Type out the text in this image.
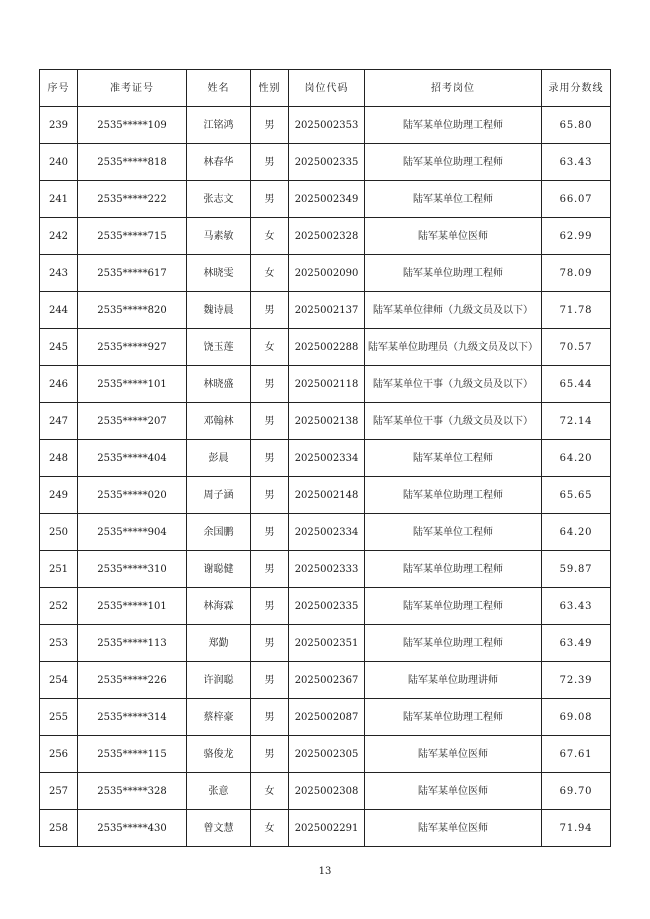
序号	准考证号	姓名	性别	岗位代码	招考岗位	录用分数线
239	2535*****109	江铭鸿	男	2025002353	陆军某单位助理工程师	65.80
240	2535*****818	林春华	男	2025002335	陆军某单位助理工程师	63.43
241	2535*****222	张志文	男	2025002349	陆军某单位工程师	66.07
242	2535*****715	马素敏	女	2025002328	陆军某单位医师	62.99
243	2535*****617	林晓雯	女	2025002090	陆军某单位助理工程师	78.09
244	2535*****820	魏诗晨	男	2025002137	陆军某单位律师（九级文员及以下）	71.78
245	2535*****927	饶玉莲	女	2025002288	陆军某单位助理员（九级文员及以下）	70.57
246	2535*****101	林晓盛	男	2025002118	陆军某单位干事（九级文员及以下）	65.44
247	2535*****207	邓翰林	男	2025002138	陆军某单位干事（九级文员及以下）	72.14
248	2535*****404	彭晨	男	2025002334	陆军某单位工程师	64.20
249	2535*****020	周子涵	男	2025002148	陆军某单位助理工程师	65.65
250	2535*****904	余国鹏	男	2025002334	陆军某单位工程师	64.20
251	2535*****310	谢聪健	男	2025002333	陆军某单位助理工程师	59.87
252	2535*****101	林海霖	男	2025002335	陆军某单位助理工程师	63.43
253	2535*****113	郑勤	男	2025002351	陆军某单位助理工程师	63.49
254	2535*****226	许润聪	男	2025002367	陆军某单位助理讲师	72.39
255	2535*****314	蔡梓豪	男	2025002087	陆军某单位助理工程师	69.08
256	2535*****115	骆俊龙	男	2025002305	陆军某单位医师	67.61
257	2535*****328	张意	女	2025002308	陆军某单位医师	69.70
258	2535*****430	曾文慧	女	2025002291	陆军某单位医师	71.94
13
